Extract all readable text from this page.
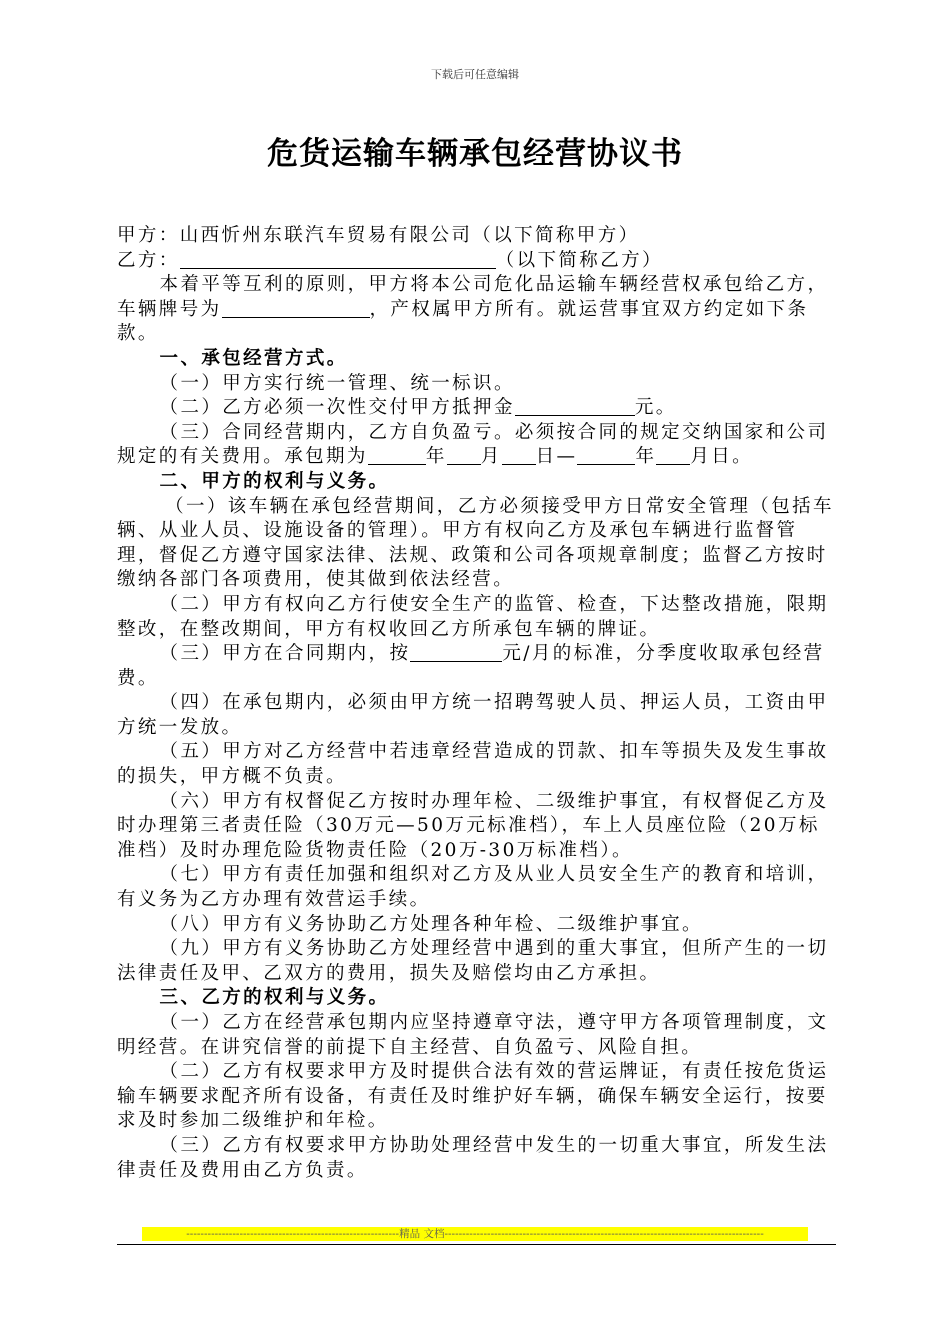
下载后可任意编辑
危货运输车辆承包经营协议书

甲方：山西忻州东联汽车贸易有限公司（以下简称甲方）

乙方：	（以下简称乙方）

本着平等互利的原则，甲方将本公司危化品运输车辆经营权承包给乙方，车辆牌号为	，产权属甲方所有。就运营事宜双方约定如下条款。

一、承包经营方式。

（一）甲方实行统一管理、统一标识。

（二）乙方必须一次性交付甲方抵押金	元。

（三）合同经营期内，乙方自负盈亏。必须按合同的规定交纳国家和公司规定的有关费用。承包期为	年 月 日—	年 月日。

二、甲方的权利与义务。

（一）该车辆在承包经营期间，乙方必须接受甲方日常安全管理（包括车辆、从业人员、设施设备的管理）。甲方有权向乙方及承包车辆进行监督管理，督促乙方遵守国家法律、法规、政策和公司各项规章制度；监督乙方按时缴纳各部门各项费用，使其做到依法经营。

（二）甲方有权向乙方行使安全生产的监管、检查，下达整改措施，限期整改，在整改期间，甲方有权收回乙方所承包车辆的牌证。

（三）甲方在合同期内，按	元/月的标准，分季度收取承包经营费。

（四）在承包期内，必须由甲方统一招聘驾驶人员、押运人员，工资由甲方统一发放。

（五）甲方对乙方经营中若违章经营造成的罚款、扣车等损失及发生事故的损失，甲方概不负责。

（六）甲方有权督促乙方按时办理年检、二级维护事宜，有权督促乙方及时办理第三者责任险（30万元—50万元标准档），车上人员座位险（20万标准档）及时办理危险货物责任险（20万-30万标准档）。

（七）甲方有责任加强和组织对乙方及从业人员安全生产的教育和培训，有义务为乙方办理有效营运手续。

（八）甲方有义务协助乙方处理各种年检、二级维护事宜。

（九）甲方有义务协助乙方处理经营中遇到的重大事宜，但所产生的一切法律责任及甲、乙双方的费用，损失及赔偿均由乙方承担。

三、乙方的权利与义务。

（一）乙方在经营承包期内应坚持遵章守法，遵守甲方各项管理制度，文明经营。在讲究信誉的前提下自主经营、自负盈亏、风险自担。

（二）乙方有权要求甲方及时提供合法有效的营运牌证，有责任按危货运输车辆要求配齐所有设备，有责任及时维护好车辆，确保车辆安全运行，按要求及时参加二级维护和年检。

（三）乙方有权要求甲方协助处理经营中发生的一切重大事宜，所发生法律责任及费用由乙方负责。

------------------------------------------------------------精品 文档------------------------------------------------------------------------------------------
